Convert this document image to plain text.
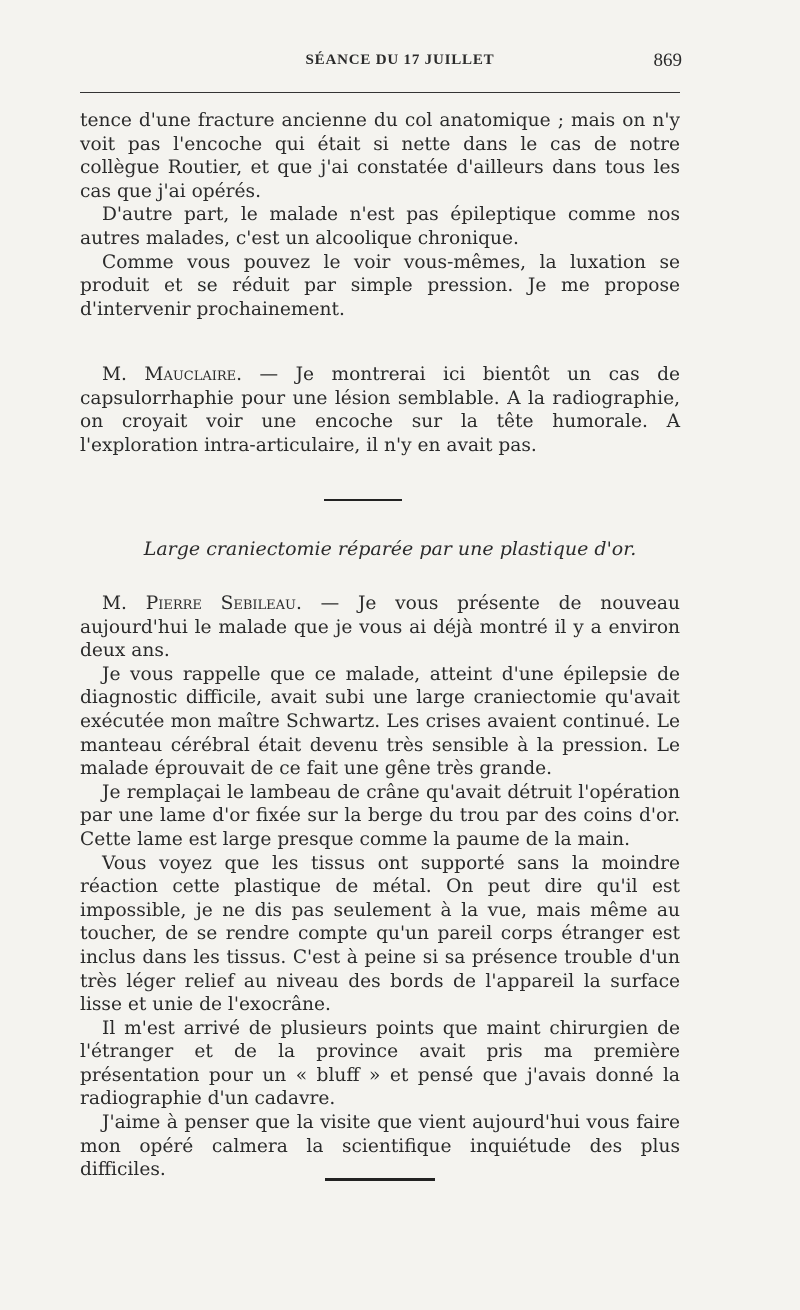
SÉANCE DU 17 JUILLET	869

tence d'une fracture ancienne du col anatomique ; mais on n'y voit pas l'encoche qui était si nette dans le cas de notre collègue Routier, et que j'ai constatée d'ailleurs dans tous les cas que j'ai opérés.

D'autre part, le malade n'est pas épileptique comme nos autres malades, c'est un alcoolique chronique.

Comme vous pouvez le voir vous-mêmes, la luxation se produit et se réduit par simple pression. Je me propose d'intervenir prochainement.

M. Mauclaire. — Je montrerai ici bientôt un cas de capsulorrhaphie pour une lésion semblable. A la radiographie, on croyait voir une encoche sur la tête humorale. A l'exploration intra-articulaire, il n'y en avait pas.

Large craniectomie réparée par une plastique d'or.

M. Pierre Sebileau. — Je vous présente de nouveau aujourd'hui le malade que je vous ai déjà montré il y a environ deux ans.

Je vous rappelle que ce malade, atteint d'une épilepsie de diagnostic difficile, avait subi une large craniectomie qu'avait exécutée mon maître Schwartz. Les crises avaient continué. Le manteau cérébral était devenu très sensible à la pression. Le malade éprouvait de ce fait une gêne très grande.

Je remplaçai le lambeau de crâne qu'avait détruit l'opération par une lame d'or fixée sur la berge du trou par des coins d'or. Cette lame est large presque comme la paume de la main.

Vous voyez que les tissus ont supporté sans la moindre réaction cette plastique de métal. On peut dire qu'il est impossible, je ne dis pas seulement à la vue, mais même au toucher, de se rendre compte qu'un pareil corps étranger est inclus dans les tissus. C'est à peine si sa présence trouble d'un très léger relief au niveau des bords de l'appareil la surface lisse et unie de l'exocrâne.

Il m'est arrivé de plusieurs points que maint chirurgien de l'étranger et de la province avait pris ma première présentation pour un « bluff » et pensé que j'avais donné la radiographie d'un cadavre.

J'aime à penser que la visite que vient aujourd'hui vous faire mon opéré calmera la scientifique inquiétude des plus difficiles.
